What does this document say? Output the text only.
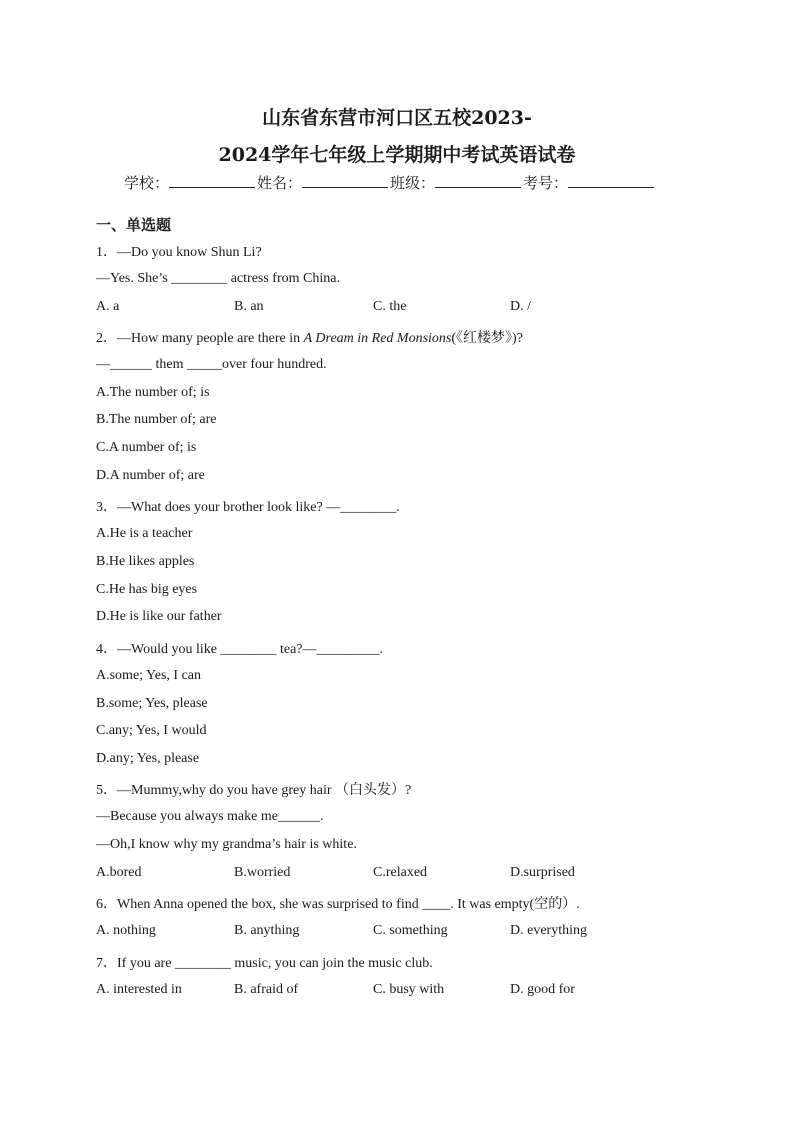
山东省东营市河口区五校2023-
2024学年七年级上学期期中考试英语试卷
学校：	姓名：	班级：	考号：
一、单选题
1．—Do you know Shun Li?
—Yes. She’s ________ actress from China.
A. a	B. an	C. the	D. /
2．—How many people are there in A Dream in Red Monsions(《红楼梦》)?
—______ them _____over four hundred.
A.The number of; is
B.The number of; are
C.A number of; is
D.A number of; are
3．—What does your brother look like? —________.
A.He is a teacher
B.He likes apples
C.He has big eyes
D.He is like our father
4．—Would you like ________ tea?—_________.
A.some; Yes, I can
B.some; Yes, please
C.any; Yes, I would
D.any; Yes, please
5．—Mummy,why do you have grey hair （白头发）?
—Because you always make me______.
—Oh,I know why my grandma’s hair is white.
A.bored	B.worried	C.relaxed	D.surprised
6．When Anna opened the box, she was surprised to find ____. It was empty(空的）.
A. nothing	B. anything	C. something	D. everything
7．If you are ________ music, you can join the music club.
A. interested in	B. afraid of	C. busy with	D. good for
